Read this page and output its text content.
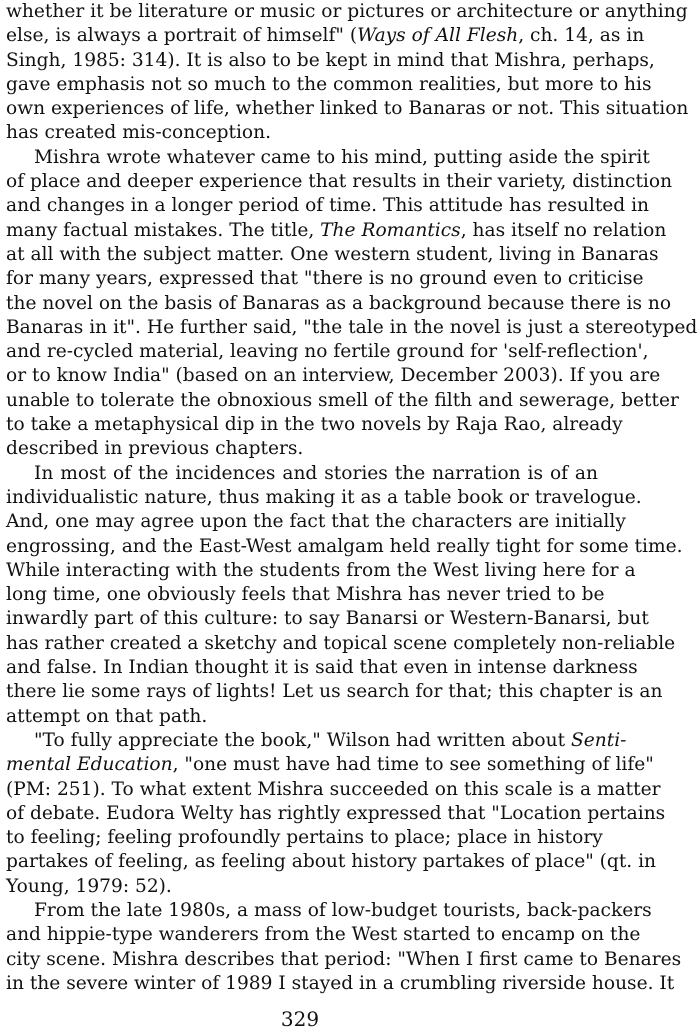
whether it be literature or music or pictures or architecture or anything
else, is always a portrait of himself" (Ways of All Flesh, ch. 14, as in
Singh, 1985: 314). It is also to be kept in mind that Mishra, perhaps,
gave emphasis not so much to the common realities, but more to his
own experiences of life, whether linked to Banaras or not. This situation
has created mis-conception.
Mishra wrote whatever came to his mind, putting aside the spirit
of place and deeper experience that results in their variety, distinction
and changes in a longer period of time. This attitude has resulted in
many factual mistakes. The title, The Romantics, has itself no relation
at all with the subject matter. One western student, living in Banaras
for many years, expressed that "there is no ground even to criticise
the novel on the basis of Banaras as a background because there is no
Banaras in it". He further said, "the tale in the novel is just a stereotyped
and re-cycled material, leaving no fertile ground for 'self-reflection',
or to know India" (based on an interview, December 2003). If you are
unable to tolerate the obnoxious smell of the filth and sewerage, better
to take a metaphysical dip in the two novels by Raja Rao, already
described in previous chapters.
In most of the incidences and stories the narration is of an
individualistic nature, thus making it as a table book or travelogue.
And, one may agree upon the fact that the characters are initially
engrossing, and the East-West amalgam held really tight for some time.
While interacting with the students from the West living here for a
long time, one obviously feels that Mishra has never tried to be
inwardly part of this culture: to say Banarsi or Western-Banarsi, but
has rather created a sketchy and topical scene completely non-reliable
and false. In Indian thought it is said that even in intense darkness
there lie some rays of lights! Let us search for that; this chapter is an
attempt on that path.
"To fully appreciate the book," Wilson had written about Senti-
mental Education, "one must have had time to see something of life"
(PM: 251). To what extent Mishra succeeded on this scale is a matter
of debate. Eudora Welty has rightly expressed that "Location pertains
to feeling; feeling profoundly pertains to place; place in history
partakes of feeling, as feeling about history partakes of place" (qt. in
Young, 1979: 52).
From the late 1980s, a mass of low-budget tourists, back-packers
and hippie-type wanderers from the West started to encamp on the
city scene. Mishra describes that period: "When I first came to Benares
in the severe winter of 1989 I stayed in a crumbling riverside house. It
329
